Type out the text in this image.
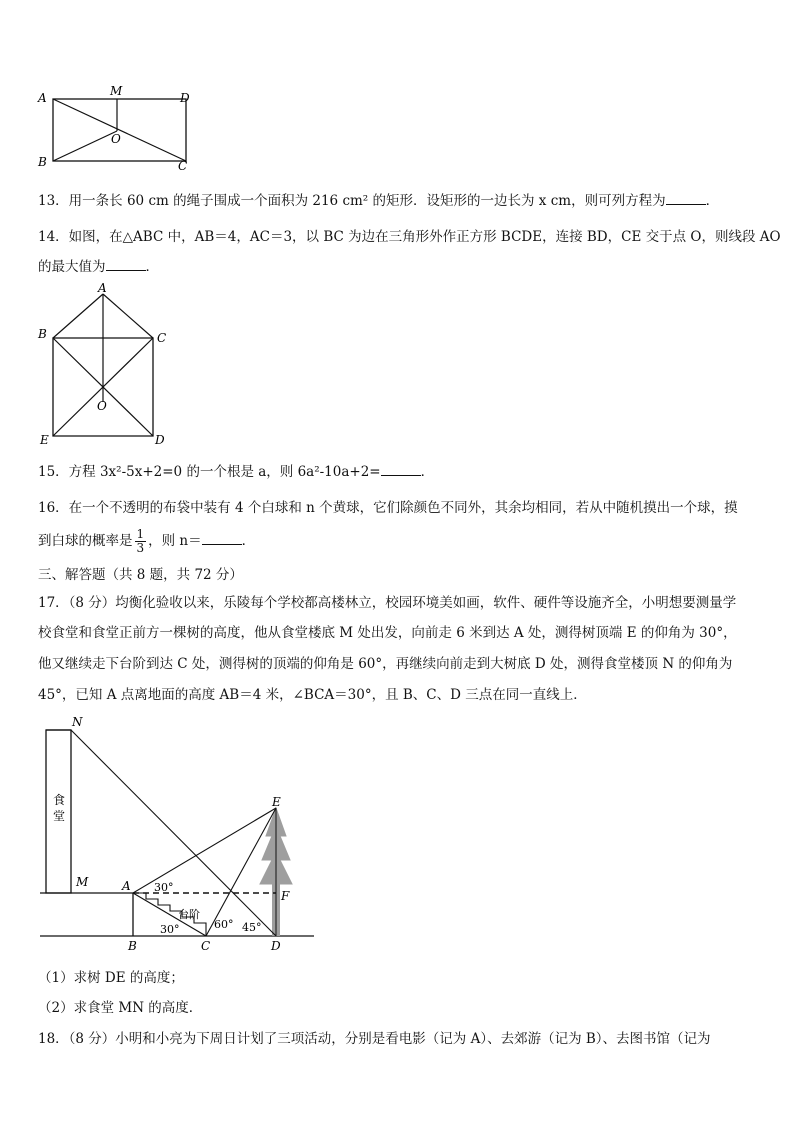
A	M	D
O
B	C
13．用一条长 60 cm 的绳子围成一个面积为 216 cm² 的矩形．设矩形的一边长为 x cm，则可列方程为	．
14．如图，在△ABC 中，AB＝4，AC＝3，以 BC 为边在三角形外作正方形 BCDE，连接 BD，CE 交于点 O，则线段 AO
的最大值为	．
A
B	C
O
E	D
15．方程 3x²-5x+2=0 的一个根是 a，则 6a²-10a+2=	．
16．在一个不透明的布袋中装有 4 个白球和 n 个黄球，它们除颜色不同外，其余均相同，若从中随机摸出一个球，摸
到白球的概率是 $\frac{1}{3}$ ，则 n＝	．
三、解答题（共 8 题，共 72 分）
17．（8 分）均衡化验收以来，乐陵每个学校都高楼林立，校园环境美如画，软件、硬件等设施齐全，小明想要测量学
校食堂和食堂正前方一棵树的高度，他从食堂楼底 M 处出发，向前走 6 米到达 A 处，测得树顶端 E 的仰角为 30°，
他又继续走下台阶到达 C 处，测得树的顶端的仰角是 60°，再继续向前走到大树底 D 处，测得食堂楼顶 N 的仰角为
45°，已知 A 点离地面的高度 AB＝4 米，∠BCA＝30°，且 B、C、D 三点在同一直线上．
食堂
N
M	A
B	C	D
E
F
30°
30°	60° 45°
台阶
（1）求树 DE 的高度；
（2）求食堂 MN 的高度．
18．（8 分）小明和小亮为下周日计划了三项活动，分别是看电影（记为 A）、去郊游（记为 B）、去图书馆（记为
